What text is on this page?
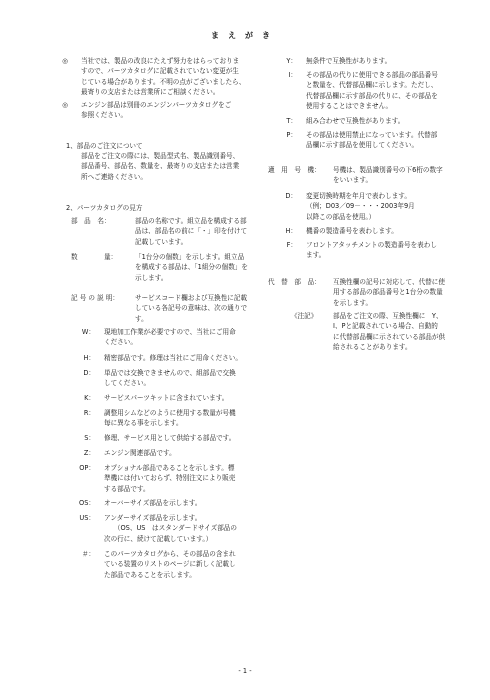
まえがき
◎ 当社では、製品の改良にたえず努力をはらっておりま
すので、パーツカタログに記載されていない変更が生
じている場合があります。不明の点がございましたら、
最寄りの支店または営業所にご相談ください。
◎ エンジン部品は別冊のエンジンパーツカタログをご
参照ください。
1、部品のご注文について
部品をご注文の際には、製品型式名、製品識別番号、
部品番号、部品名、数量を、最寄りの支店または営業
所へご連絡ください。
2、パーツカタログの見方
部　品　名：	部品の名称です。組立品を構成する部
品は、部品名の前に「・」印を付けて
記載しています。
数　　　　量：	「1台分の個数」を示します。組立品
を構成する部品は、「1組分の個数」を
示します。
記 号 の 説 明： サービスコード欄および互換性に記載
している各記号の意味は、次の通りで
す。
W： 現地加工作業が必要ですので、当社にご用命
ください。
H： 精密部品です。修理は当社にご用命ください。
D： 単品では交換できませんので、組部品で交換
してください。
K： サービスパーツキットに含まれています。
R： 調整用シムなどのように使用する数量が号機
毎に異なる事を示します。
S： 修理、サービス用として供給する部品です。
Z： エンジン関連部品です。
OP： オプショナル部品であることを示します。標
準機には付いておらず、特別注文により販売
する部品です。
OS： オーバーサイズ部品を示します。
US： アンダーサイズ部品を示します。
　　（OS、US　はスタンダードサイズ部品の
次の行に、続けて記載しています。）
＃： このパーツカタログから、その部品の含まれ
ている装置のリストのページに新しく記載し
た部品であることを示します。
Y： 無条件で互換性があります。
I： その部品の代りに使用できる部品の部品番号
と数量を、代替部品欄に示します。ただし、
代替部品欄に示す部品の代りに、その部品を
使用することはできません。
T： 組み合わせで互換性があります。
P： その部品は使用禁止になっています。代替部
品欄に示す部品を使用してください。
適　用　号　機： 号機は、製品識別番号の下6桁の数字
をいいます。
D： 変更切換時期を年月で表わします。
（例；D03／09－・・・2003年9月
以降この部品を使用。）
H： 機番の製造番号を表わします。
F： フロントアタッチメントの製造番号を表わし
ます。
代　替　部　品： 互換性欄の記号に対応して、代替に使
用する部品の部品番号と1台分の数量
を示します。
《注記》 部品をご注文の際、互換性欄に　Y、
I、Pと記載されている場合、自動的
に代替部品欄に示されている部品が供
給されることがあります。
- 1 -
